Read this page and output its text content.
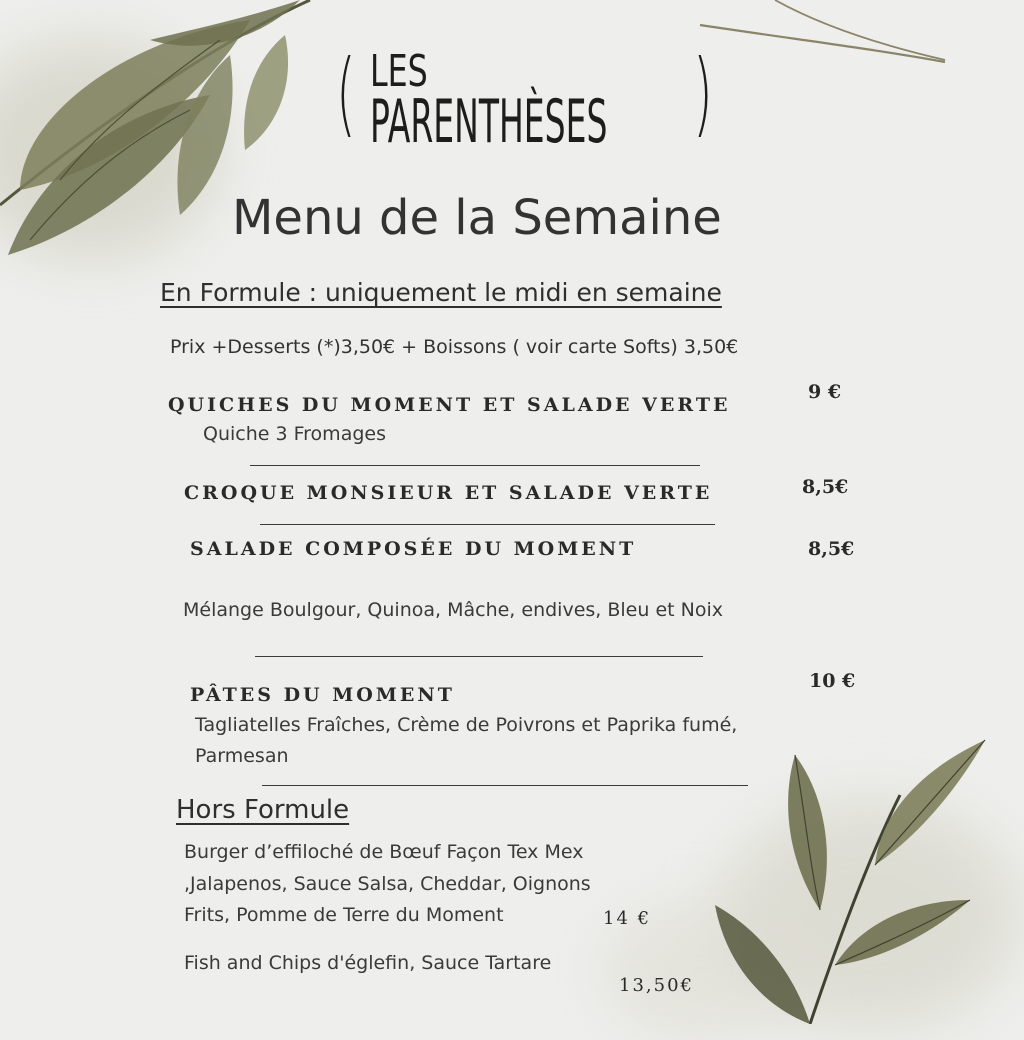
( LES
PARENTHÈSES )
Menu de la Semaine
En Formule : uniquement le midi en semaine
Prix +Desserts (*)3,50€ + Boissons ( voir carte Softs) 3,50€
QUICHES DU MOMENT ET SALADE VERTE
9 €
Quiche 3 Fromages
CROQUE MONSIEUR ET SALADE VERTE	8,5€
SALADE COMPOSÉE DU MOMENT	8,5€
Mélange Boulgour, Quinoa, Mâche, endives, Bleu et Noix
PÂTES DU MOMENT
10 €
Tagliatelles Fraîches, Crème de Poivrons et Paprika fumé,
Parmesan
Hors Formule
Burger d’effiloché de Bœuf Façon Tex Mex
,Jalapenos, Sauce Salsa, Cheddar, Oignons
Frits, Pomme de Terre du Moment	14 €
Fish and Chips d'églefin, Sauce Tartare
13,50€
